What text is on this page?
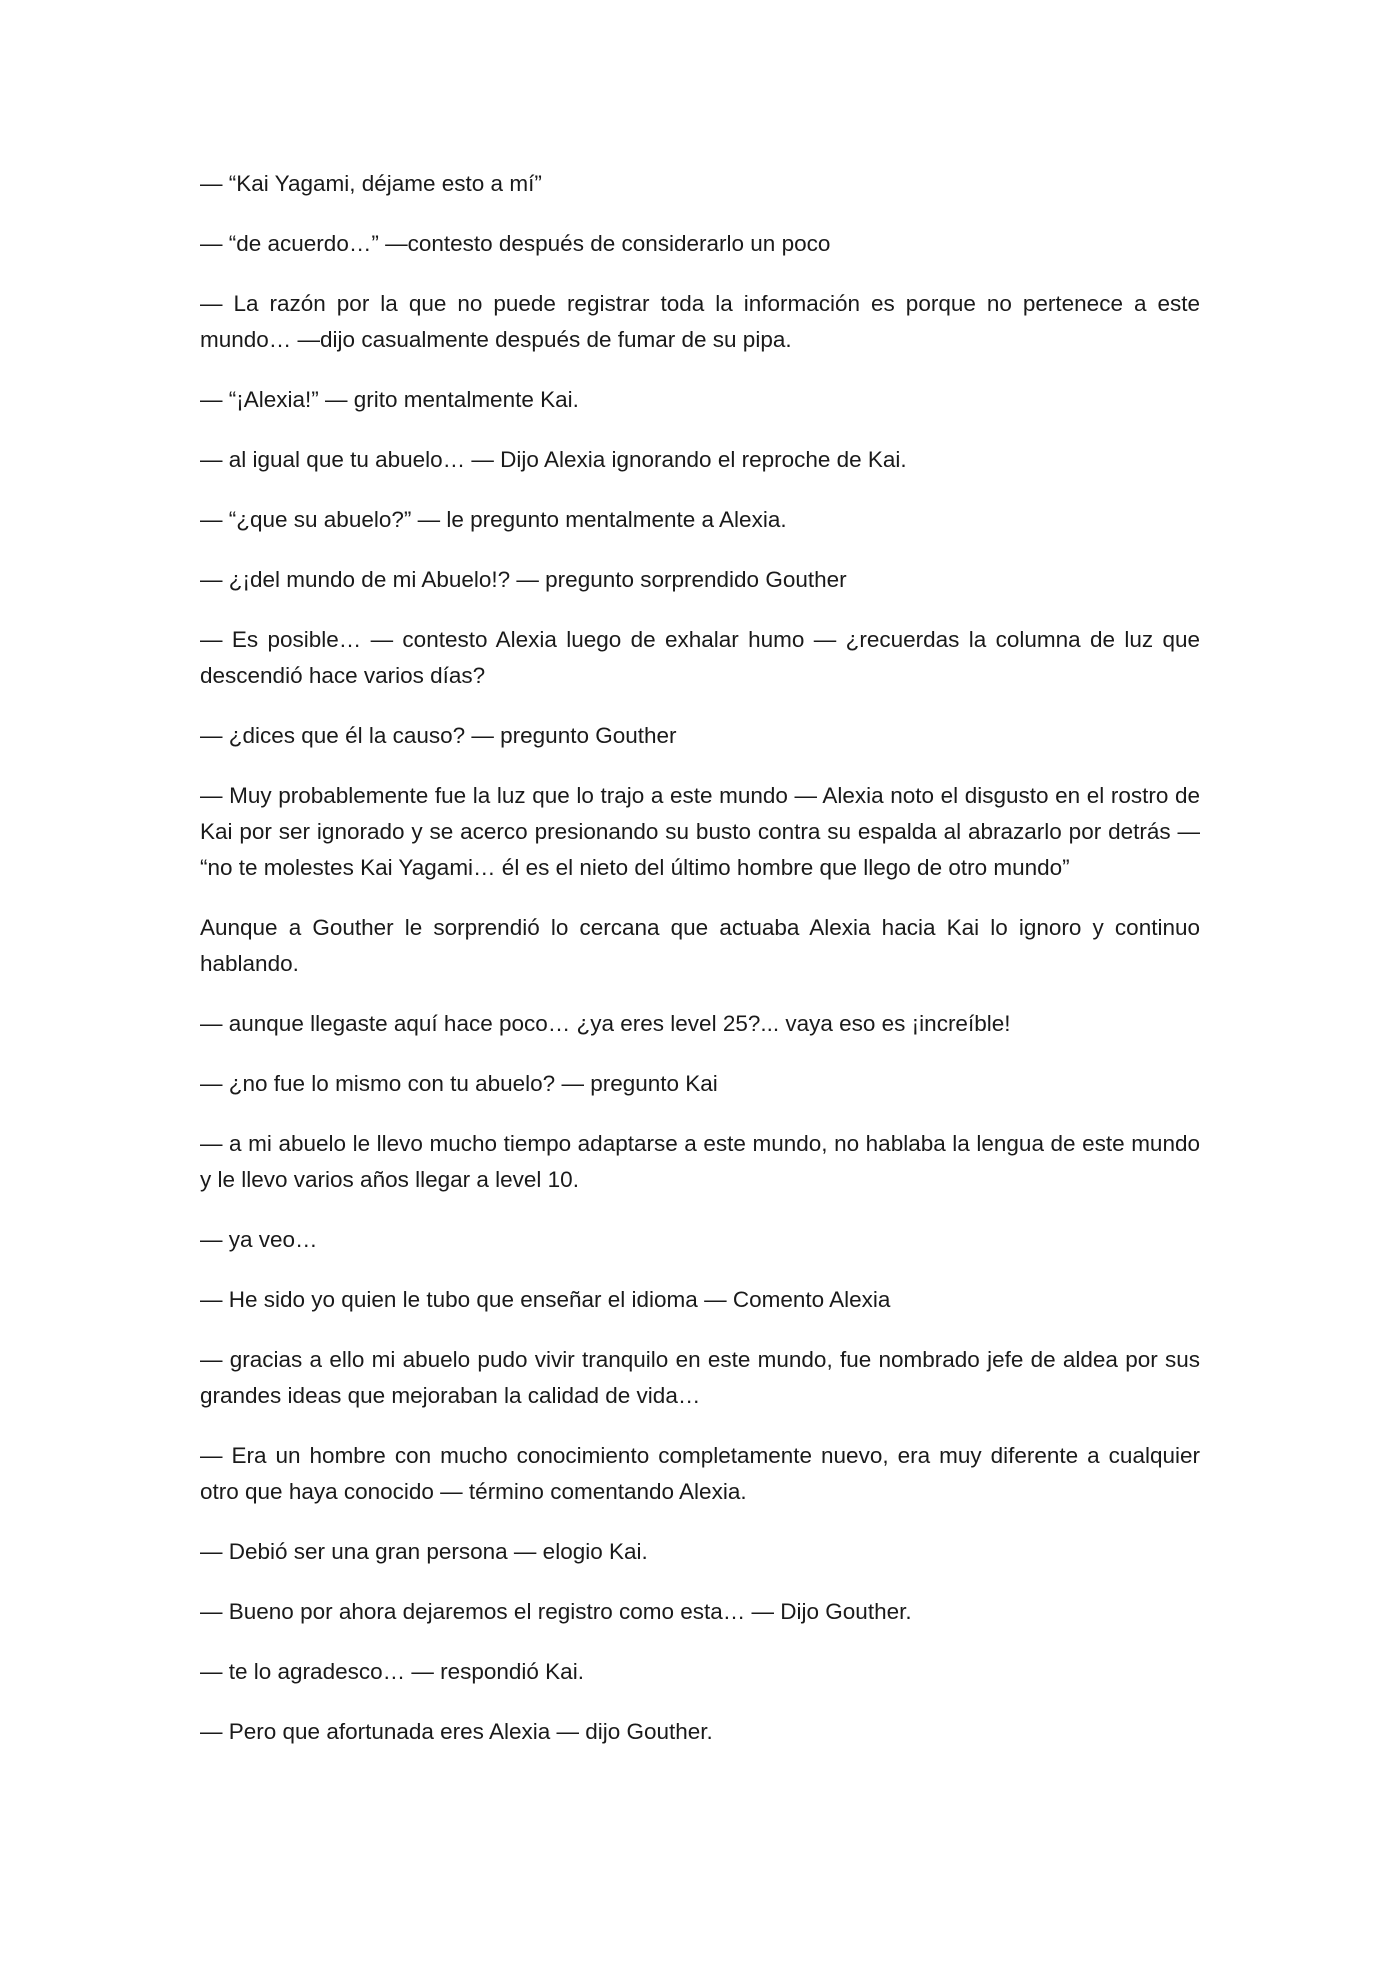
— “Kai Yagami, déjame esto a mí”

— “de acuerdo…” —contesto después de considerarlo un poco

— La razón por la que no puede registrar toda la información es porque no pertenece a este mundo… —dijo casualmente después de fumar de su pipa.

— “¡Alexia!” — grito mentalmente Kai.

— al igual que tu abuelo… — Dijo Alexia ignorando el reproche de Kai.

— “¿que su abuelo?” — le pregunto mentalmente a Alexia.

— ¿¡del mundo de mi Abuelo!? — pregunto sorprendido Gouther

— Es posible… — contesto Alexia luego de exhalar humo — ¿recuerdas la columna de luz que descendió hace varios días?

— ¿dices que él la causo? — pregunto Gouther

— Muy probablemente fue la luz que lo trajo a este mundo — Alexia noto el disgusto en el rostro de Kai por ser ignorado y se acerco presionando su busto contra su espalda al abrazarlo por detrás — “no te molestes Kai Yagami… él es el nieto del último hombre que llego de otro mundo”

Aunque a Gouther le sorprendió lo cercana que actuaba Alexia hacia Kai lo ignoro y continuo hablando.

— aunque llegaste aquí hace poco… ¿ya eres level 25?... vaya eso es ¡increíble!

— ¿no fue lo mismo con tu abuelo? — pregunto Kai

— a mi abuelo le llevo mucho tiempo adaptarse a este mundo, no hablaba la lengua de este mundo y le llevo varios años llegar a level 10.

— ya veo…

— He sido yo quien le tubo que enseñar el idioma — Comento Alexia

— gracias a ello mi abuelo pudo vivir tranquilo en este mundo, fue nombrado jefe de aldea por sus grandes ideas que mejoraban la calidad de vida…

— Era un hombre con mucho conocimiento completamente nuevo, era muy diferente a cualquier otro que haya conocido — término comentando Alexia.

— Debió ser una gran persona — elogio Kai.

— Bueno por ahora dejaremos el registro como esta… — Dijo Gouther.

— te lo agradesco… — respondió Kai.

— Pero que afortunada eres Alexia — dijo Gouther.
